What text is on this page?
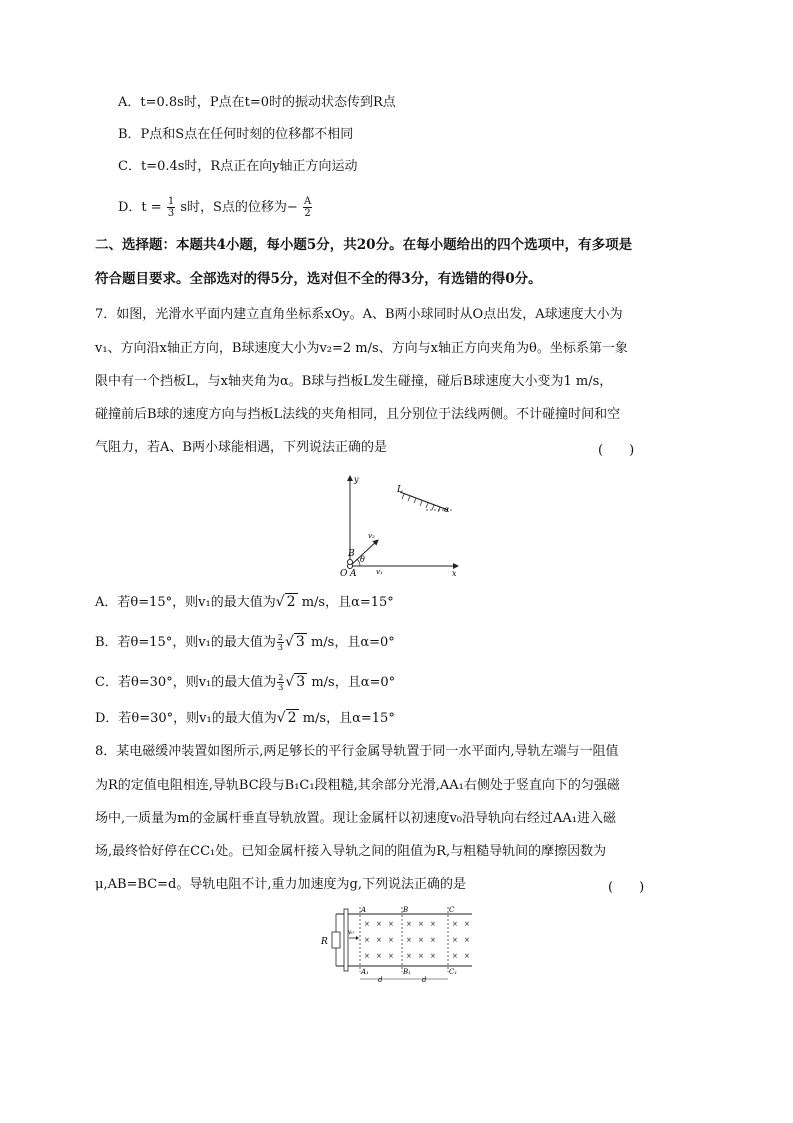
A．t=0.8s时，P点在t=0时的振动状态传到R点
B．P点和S点在任何时刻的位移都不相同
C．t=0.4s时，R点正在向y轴正方向运动
D．$t = \frac{1}{3}$ s时，S点的位移为− $\frac{A}{2}$
二、选择题：本题共4小题，每小题5分，共20分。在每小题给出的四个选项中，有多项是
符合题目要求。全部选对的得5分，选对但不全的得3分，有选错的得0分。
7．如图，光滑水平面内建立直角坐标系xOy。A、B两小球同时从O点出发，A球速度大小为
v₁、方向沿x轴正方向，B球速度大小为v₂=2 m/s、方向与x轴正方向夹角为θ。坐标系第一象
限中有一个挡板L，与x轴夹角为α。B球与挡板L发生碰撞，碰后B球速度大小变为1 m/s，
碰撞前后B球的速度方向与挡板L法线的夹角相同，且分别位于法线两侧。不计碰撞时间和空
气阻力，若A、B两小球能相遇，下列说法正确的是	(　　)
y
x
O A
B
L
v₁
v₂
θ
α
A．若θ=15°，则v₁的最大值为√ 2 m/s，且α=15°
B．若θ=15°，则v₁的最大值为 $\frac{2}{3}$ √ 3 m/s，且α=0°
C．若θ=30°，则v₁的最大值为 $\frac{2}{3}$ √ 3 m/s，且α=0°
D．若θ=30°，则v₁的最大值为√ 2 m/s，且α=15°
8．某电磁缓冲装置如图所示,两足够长的平行金属导轨置于同一水平面内,导轨左端与一阻值
为R的定值电阻相连,导轨BC段与B₁C₁段粗糙,其余部分光滑,AA₁右侧处于竖直向下的匀强磁
场中,一质量为m的金属杆垂直导轨放置。现让金属杆以初速度v₀沿导轨向右经过AA₁进入磁
场,最终恰好停在CC₁处。已知金属杆接入导轨之间的阻值为R,与粗糙导轨间的摩擦因数为
μ,AB=BC=d。导轨电阻不计,重力加速度为g,下列说法正确的是	(　　)
R
v₀
A	B	C
A₁	B₁	C₁
× × × × × × × ×
× × × × × × × ×
× × × × × × × ×
d	d
